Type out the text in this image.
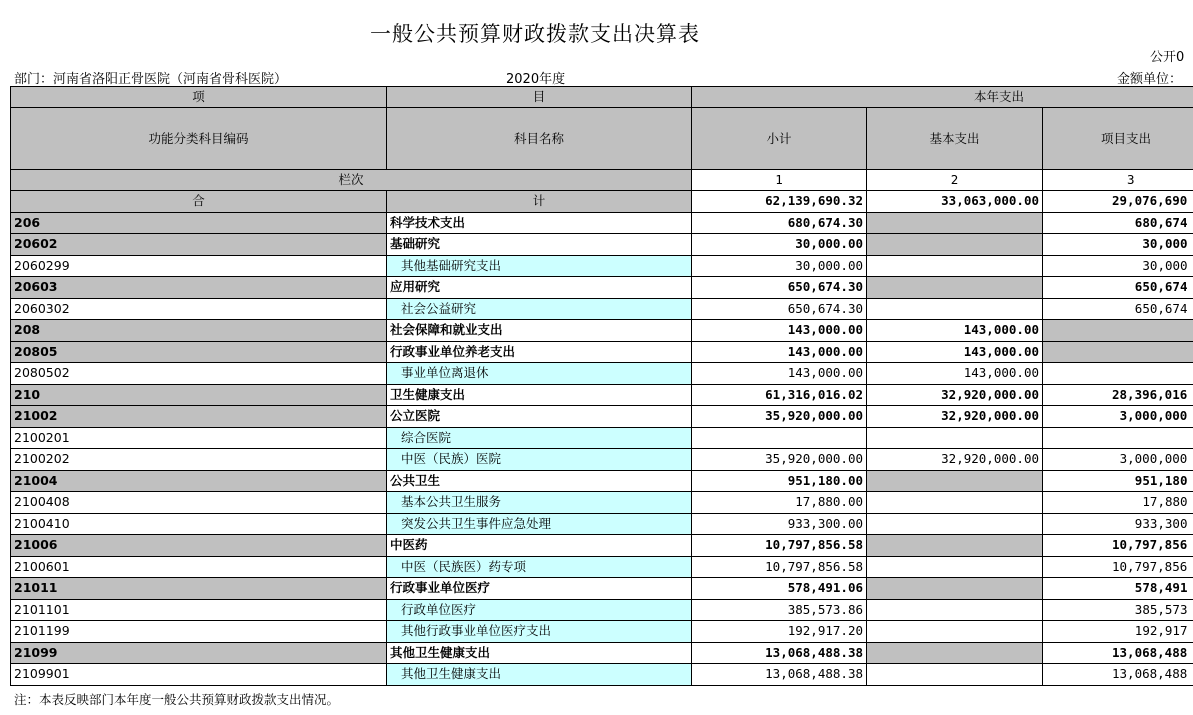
一般公共预算财政拨款支出决算表
公开0
部门：河南省洛阳正骨医院（河南省骨科医院）	2020年度	金额单位：
项	目	本年支出		
功能分类科目编码	科目名称	小计	基本支出	项目支出
栏次		1	2	3
合	计	62,139,690.32	33,063,000.00	29,076,690
206	科学技术支出	680,674.30		680,674
20602	基础研究	30,000.00		30,000
2060299	其他基础研究支出	30,000.00		30,000
20603	应用研究	650,674.30		650,674
2060302	社会公益研究	650,674.30		650,674
208	社会保障和就业支出	143,000.00	143,000.00	
20805	行政事业单位养老支出	143,000.00	143,000.00	
2080502	事业单位离退休	143,000.00	143,000.00	
210	卫生健康支出	61,316,016.02	32,920,000.00	28,396,016
21002	公立医院	35,920,000.00	32,920,000.00	3,000,000
2100201	综合医院			
2100202	中医（民族）医院	35,920,000.00	32,920,000.00	3,000,000
21004	公共卫生	951,180.00		951,180
2100408	基本公共卫生服务	17,880.00		17,880
2100410	突发公共卫生事件应急处理	933,300.00		933,300
21006	中医药	10,797,856.58		10,797,856
2100601	中医（民族医）药专项	10,797,856.58		10,797,856
21011	行政事业单位医疗	578,491.06		578,491
2101101	行政单位医疗	385,573.86		385,573
2101199	其他行政事业单位医疗支出	192,917.20		192,917
21099	其他卫生健康支出	13,068,488.38		13,068,488
2109901	其他卫生健康支出	13,068,488.38		13,068,488
注：本表反映部门本年度一般公共预算财政拨款支出情况。
